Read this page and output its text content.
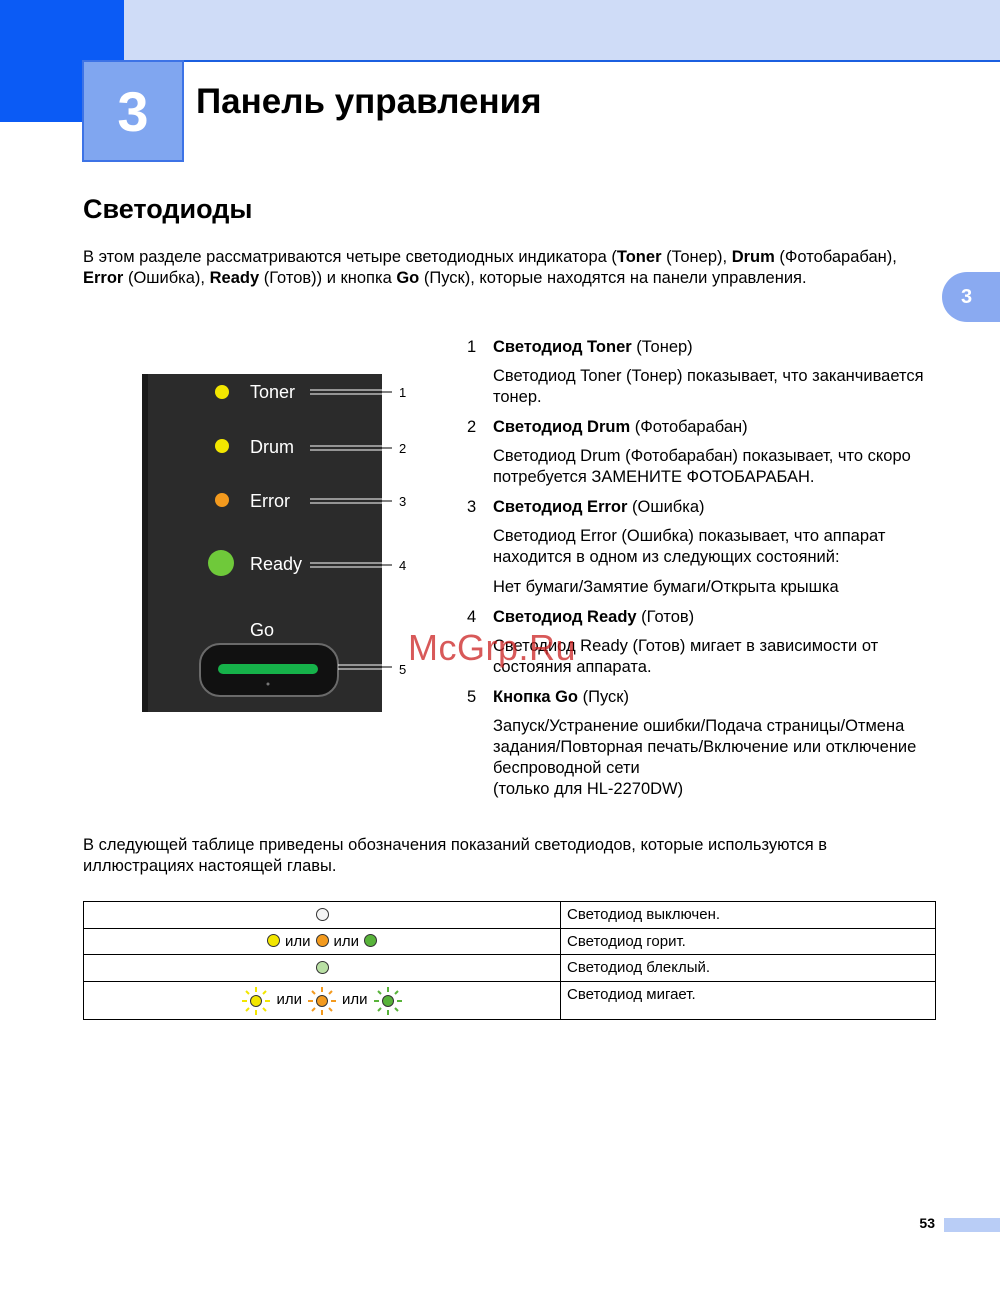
3 Панель управления
3
Светодиоды
В этом разделе рассматриваются четыре светодиодных индикатора (Toner (Тонер), Drum (Фотобарабан), Error (Ошибка), Ready (Готов)) и кнопка Go (Пуск), которые находятся на панели управления.
Toner
Drum
Error
Ready
Go
1
2
3
4
5
1 Светодиод Toner (Тонер)
Светодиод Toner (Тонер) показывает, что заканчивается тонер.
2 Светодиод Drum (Фотобарабан)
Светодиод Drum (Фотобарабан) показывает, что скоро потребуется ЗАМЕНИТЕ ФОТОБАРАБАН.
3 Светодиод Error (Ошибка)
Светодиод Error (Ошибка) показывает, что аппарат находится в одном из следующих состояний:
Нет бумаги/Замятие бумаги/Открыта крышка
4 Светодиод Ready (Готов)
Светодиод Ready (Готов) мигает в зависимости от состояния аппарата.
5 Кнопка Go (Пуск)
Запуск/Устранение ошибки/Подача страницы/Отмена задания/Повторная печать/Включение или отключение беспроводной сети
(только для HL-2270DW)
В следующей таблице приведены обозначения показаний светодиодов, которые используются в иллюстрациях настоящей главы.
	Светодиод выключен.
или или	Светодиод горит.
	Светодиод блеклый.
или или	Светодиод мигает.
McGrp.Ru
53
